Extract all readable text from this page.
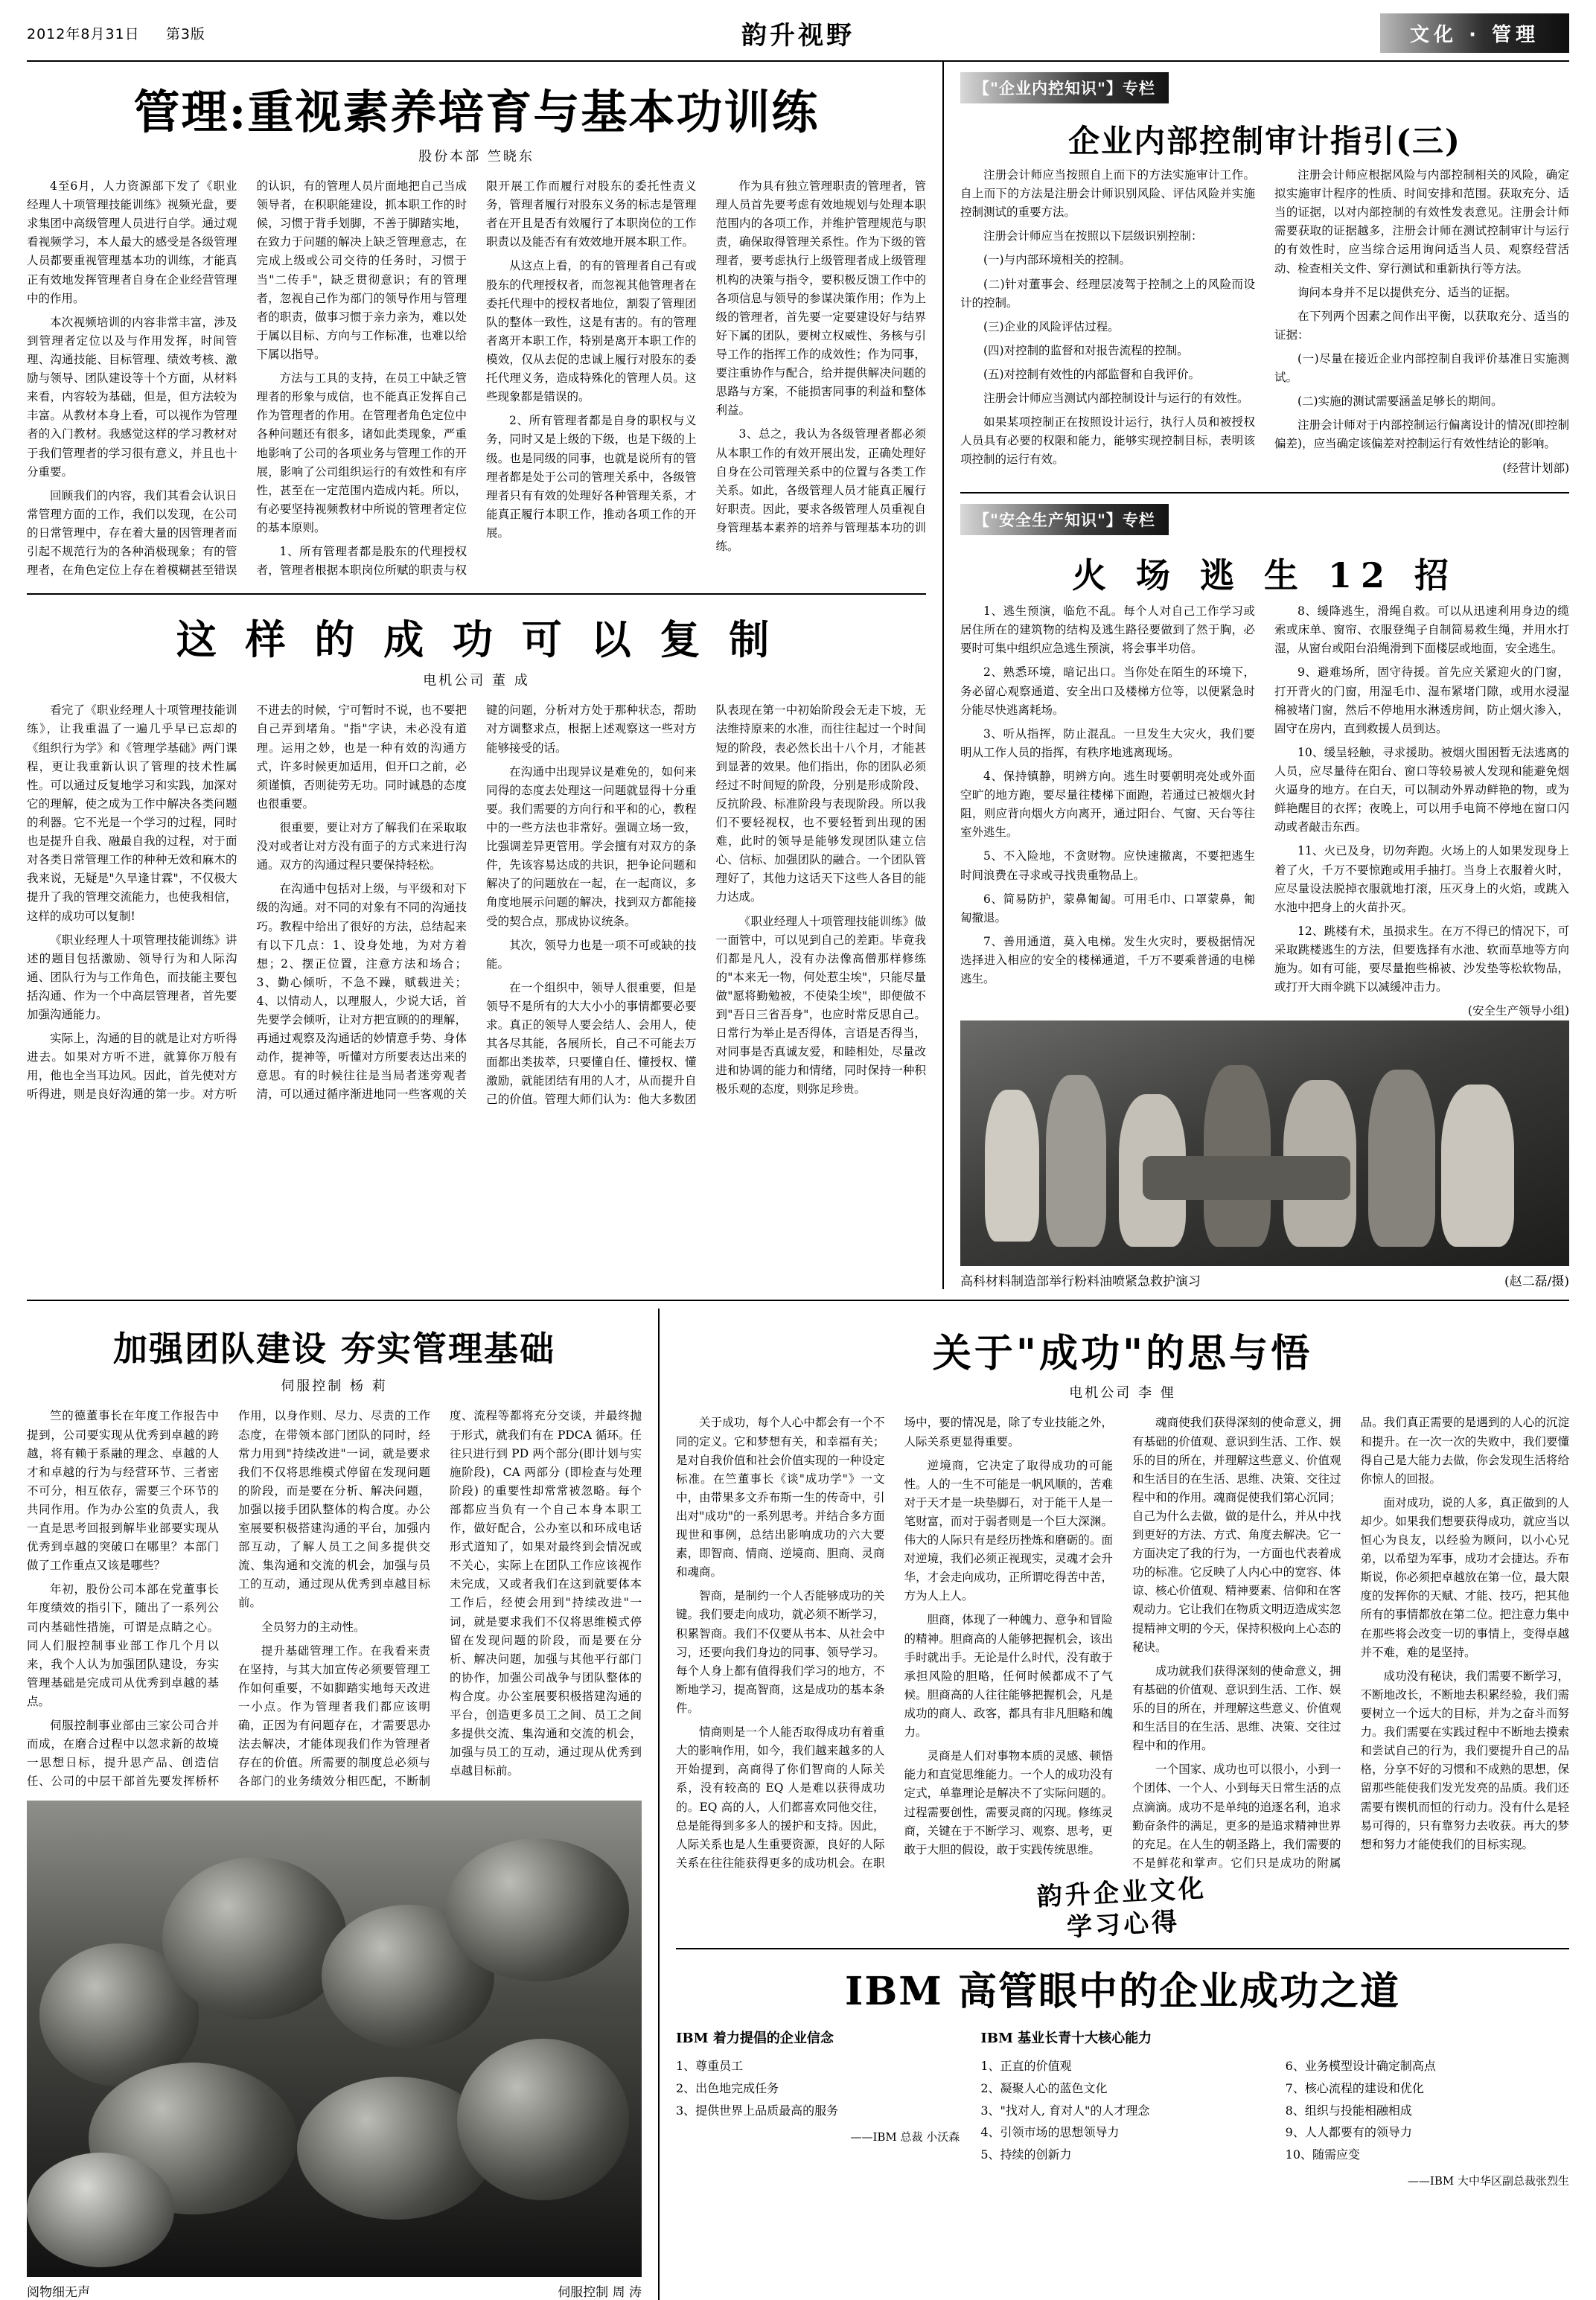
2012年8月31日 第3版	韵升视野	文化 · 管理
管理:重视素养培育与基本功训练
股份本部 竺晓东

4至6月，人力资源部下发了《职业经理人十项管理技能训练》视频光盘，要求集团中高级管理人员进行自学。通过观看视频学习，本人最大的感受是各级管理人员都要重视管理基本功的训练，才能真正有效地发挥管理者自身在企业经营管理中的作用。

本次视频培训的内容非常丰富，涉及到管理者定位以及与作用发挥，时间管理、沟通技能、目标管理、绩效考核、激励与领导、团队建设等十个方面，从材料来看，内容较为基础，但是，但方法较为丰富。从教材本身上看，可以视作为管理者的入门教材。我感觉这样的学习教材对于我们管理者的学习很有意义，并且也十分重要。

回顾我们的内容，我们其看会认识日常管理方面的工作，我们以发现，在公司的日常管理中，存在着大量的因管理者而引起不规范行为的各种消极现象；有的管理者，在角色定位上存在着模糊甚至错误的认识，有的管理人员片面地把自己当成领导者，在积职能建设，抓本职工作的时候，习惯于背手划脚，不善于脚踏实地，在致力于问题的解决上缺乏管理意志，在完成上级或公司交待的任务时，习惯于当"二传手"，缺乏贯彻意识；有的管理者，忽视自己作为部门的领导作用与管理者的职责，做事习惯于亲力亲为，难以处于属以目标、方向与工作标准，也难以给下属以指导。

方法与工具的支持，在员工中缺乏管理者的形象与成信，也不能真正发挥自己作为管理者的作用。在管理者角色定位中各种问题还有很多，诸如此类现象，严重地影响了公司的各项业务与管理工作的开展，影响了公司组织运行的有效性和有序性，甚至在一定范围内造成内耗。所以，有必要坚持视频教材中所说的管理者定位的基本原则。

1、所有管理者都是股东的代理授权者，管理者根据本职岗位所赋的职责与权限开展工作而履行对股东的委托性责义务，管理者履行对股东义务的标志是管理者在开且是否有效履行了本职岗位的工作职责以及能否有有效效地开展本职工作。

从这点上看，的有的管理者自己有或股东的代理授权者，而忽视其他管理者在委托代理中的授权者地位，割裂了管理团队的整体一致性，这是有害的。有的管理者离开本职工作，特别是离开本职工作的模效，仅从去促的忠诚上履行对股东的委托代理义务，造成特殊化的管理人员。这些现象都是错误的。

2、所有管理者都是自身的职权与义务，同时又是上级的下级，也是下级的上级。也是同级的同事，也就是说所有的管理者都是处于公司的管理关系中，各级管理者只有有效的处理好各种管理关系，才能真正履行本职工作，推动各项工作的开展。

作为具有独立管理职责的管理者，管理人员首先要考虑有效地规划与处理本职范围内的各项工作，并维护管理规范与职责，确保取得管理关系性。作为下级的管理者，要考虑执行上级管理者成上级管理机构的决策与指令，要积极反馈工作中的各项信息与领导的参谋决策作用；作为上级的管理者，首先要一定要建设好与结界好下属的团队，要树立权威性、务核与引导工作的指挥工作的成效性；作为同事，要注重协作与配合，给并提供解决问题的思路与方案，不能损害同事的利益和整体利益。

3、总之，我认为各级管理者都必须从本职工作的有效开展出发，正确处理好自身在公司管理关系中的位置与各类工作关系。如此，各级管理人员才能真正履行好职责。因此，要求各级管理人员重视自身管理基本素养的培养与管理基本功的训练。

这 样 的 成 功 可 以 复 制
电机公司 董 成

看完了《职业经理人十项管理技能训练》，让我重温了一遍几乎早已忘却的《组织行为学》和《管理学基础》两门课程，更让我重新认识了管理的技术性属性。可以通过反复地学习和实践，加深对它的理解，使之成为工作中解决各类问题的利器。它不光是一个学习的过程，同时也是提升自我、融最自我的过程，对于面对各类日常管理工作的种种无效和麻木的我来说，无疑是"久旱逢甘霖"，不仅极大提升了我的管理交流能力，也使我相信，这样的成功可以复制!

《职业经理人十项管理技能训练》讲述的题目包括激励、领导行为和人际沟通、团队行为与工作角色，而技能主要包括沟通、作为一个中高层管理者，首先要加强沟通能力。

实际上，沟通的目的就是让对方听得进去。如果对方听不进，就算你万般有用，他也全当耳边风。因此，首先使对方听得进，则是良好沟通的第一步。对方听不进去的时候，宁可暂时不说，也不要把自己弄到堵角。"指"字诀，未必没有道理。运用之妙，也是一种有效的沟通方式，许多时候更加适用，但开口之前，必须谨慎，否则徒劳无功。同时诚恳的态度也很重要。

很重要，要让对方了解我们在采取取没对或者让对方没有面子的方式来进行沟通。双方的沟通过程只要保持轻松。

在沟通中包括对上级，与平级和对下级的沟通。对不同的对象有不同的沟通技巧。教程中给出了很好的方法，总结起来有以下几点：1、设身处地，为对方着想；2、摆正位置，注意方法和场合；3、勤心倾听，不急不躁，赋载进关；4、以情动人，以理服人，少说大话，首先要学会倾听，让对方把宣顾的的理解，再通过观察及沟通话的妙情意手势、身体动作，提神等，听懂对方所要表达出来的意思。有的时候往往是当局者迷旁观者清，可以通过循序渐进地同一些客观的关键的问题，分析对方处于那种状态，帮助对方调整求点，根据上述观察这一些对方能够接受的话。

在沟通中出现异议是难免的，如何来同得的态度去处理这一问题就显得十分重要。我们需要的方向行和平和的心，教程中的一些方法也非常好。强调立场一致，比强调差异更管用。学会擅有对双方的条件，先该容易达成的共识，把争论问题和解决了的问题放在一起，在一起商议，多角度地展示问题的解决，找到双方都能接受的契合点，那成协议统条。

其次，领导力也是一项不可或缺的技能。

在一个组织中，领导人很重要，但是领导不是所有的大大小小的事情都要必要求。真正的领导人要会结人、会用人，使其各尽其能，各展所长，自己不可能去万面都出类拔萃，只要懂自任、懂授权、懂激励，就能团结有用的人才，从而提升自己的价值。管理大师们认为：他大多数团队表现在第一中初始阶段会无走下坡，无法维持原来的水准，而往往起过一个时间短的阶段，表必然长出十八个月，才能甚到显著的效果。他们指出，你的团队必须经过不时间短的阶段，分别是形成阶段、反抗阶段、标准阶段与表现阶段。所以我们不要轻视权，也不要轻暂到出现的困难，此时的领导是能够发现团队建立信心、信标、加强团队的融合。一个团队管理好了，其他力这话天下这些人各目的能力达成。

《职业经理人十项管理技能训练》做一面管中，可以见到自己的差距。毕竟我们都是凡人，没有办法像高僧那样修练的"本来无一物，何处惹尘埃"，只能尽量做"愿将勤勉被，不使染尘埃"，即便做不到"吾日三省吾身"，也应时常反思自己。日常行为举止是否得体，言语是否得当，对同事是否真诚友爱，和睦相处，尽量改进和协调的能力和情绪，同时保持一种积极乐观的态度，则弥足珍贵。

【"企业内控知识"】专栏
企业内部控制审计指引(三)

注册会计师应当按照自上而下的方法实施审计工作。自上而下的方法是注册会计师识别风险、评估风险并实施控制测试的重要方法。

注册会计师应当在按照以下层级识别控制：

(一)与内部环境相关的控制。

(二)针对董事会、经理层凌驾于控制之上的风险而设计的控制。

(三)企业的风险评估过程。

(四)对控制的监督和对报告流程的控制。

(五)对控制有效性的内部监督和自我评价。

注册会计师应当测试内部控制设计与运行的有效性。

如果某项控制正在按照设计运行，执行人员和被授权人员具有必要的权限和能力，能够实现控制目标，表明该项控制的运行有效。

注册会计师应根据风险与内部控制相关的风险，确定拟实施审计程序的性质、时间安排和范围。获取充分、适当的证据，以对内部控制的有效性发表意见。注册会计师需要获取的证据越多，注册会计师在测试控制审计与运行的有效性时，应当综合运用询问适当人员、观察经营活动、检查相关文件、穿行测试和重新执行等方法。

询问本身并不足以提供充分、适当的证据。

在下列两个因素之间作出平衡，以获取充分、适当的证据：

(一)尽量在接近企业内部控制自我评价基准日实施测试。

(二)实施的测试需要涵盖足够长的期间。

注册会计师对于内部控制运行偏离设计的情况(即控制偏差)，应当确定该偏差对控制运行有效性结论的影响。

(经营计划部)

【"安全生产知识"】专栏
火 场 逃 生 12 招

1、逃生预演，临危不乱。每个人对自己工作学习或居住所在的建筑物的结构及逃生路径要做到了然于胸，必要时可集中组织应急逃生预演，将会事半功倍。

2、熟悉环境，暗记出口。当你处在陌生的环境下，务必留心观察通道、安全出口及楼梯方位等，以便紧急时分能尽快逃离耗场。

3、听从指挥，防止混乱。一旦发生大灾火，我们要明从工作人员的指挥，有秩序地逃离现场。

4、保持镇静，明辨方向。逃生时要朝明亮处或外面空旷的地方跑，要尽量往楼梯下面跑，若通过已被烟火封阻，则应背向烟火方向离开，通过阳台、气窗、天台等往室外逃生。

5、不入险地，不贪财物。应快速撤离，不要把逃生时间浪费在寻求或寻找贵重物品上。

6、简易防护，蒙鼻匍匐。可用毛巾、口罩蒙鼻，匍匐撤退。

7、善用通道，莫入电梯。发生火灾时，要极据情况选择进入相应的安全的楼梯通道，千万不要乘普通的电梯逃生。

8、缓降逃生，滑绳自救。可以从迅速利用身边的缆索或床单、窗帘、衣服登绳子自制简易救生绳，并用水打湿，从窗台或阳台沿绳滑到下面楼层或地面，安全逃生。

9、避难场所，固守待援。首先应关紧迎火的门窗，打开背火的门窗，用湿毛巾、湿布紧堵门隙，或用水浸湿棉被堵门窗，然后不停地用水淋透房间，防止烟火渗入，固守在房内，直到救援人员到达。

10、缓呈轻触，寻求援助。被烟火围困暂无法逃离的人员，应尽量待在阳台、窗口等较易被人发现和能避免烟火逼身的地方。在白天，可以制动外界动鲜艳的物，或为鲜艳醒目的衣挥；夜晚上，可以用手电筒不停地在窗口闪动或者敲击东西。

11、火已及身，切勿奔跑。火场上的人如果发现身上着了火，千万不要惊跑或用手抽打。当身上衣服着火时，应尽量设法脱掉衣服就地打滚，压灭身上的火焰，或跳入水池中把身上的火苗扑灭。

12、跳楼有术，虽损求生。在万不得已的情况下，可采取跳楼逃生的方法，但要选择有水池、软而草地等方向施为。如有可能，要尽量抱些棉被、沙发垫等松软物品，或打开大雨伞跳下以减缓冲击力。

(安全生产领导小组)

高科材料制造部举行粉料油喷紧急救护演习	(赵二磊/摄)
加强团队建设 夯实管理基础
伺服控制 杨 莉

竺的德董事长在年度工作报告中提到，公司要实现从优秀到卓越的跨越，将有赖于系融的理念、卓越的人才和卓越的行为与经营环节、三者密不可分，相互依存，需要三个环节的共同作用。作为办公室的负责人，我一直是思考回报到解毕业部要实现从优秀到卓越的突破口在哪里？本部门做了工作重点又该是哪些？

年初，股份公司本部在党董事长年度绩效的指引下，随出了一系列公司内基础性措施，可谓是点睛之心。同人们服控制事业部工作几个月以来，我个人认为加强团队建设，夯实管理基础是完成司从优秀到卓越的基点。

伺服控制事业部由三家公司合并而成，在磨合过程中以忽求新的故境一思想日标，提升思产品、创造信任、公司的中层干部首先要发挥桥杯作用，以身作则、尽力、尽责的工作态度，在带领本部门团队的同时，经常力用到"持续改进"一词，就是要求我们不仅将思维模式停留在发现问题的阶段，而是要在分析、解决问题，加强以接手团队整体的构合度。办公室展要积极搭建沟通的平台，加强内部互动，了解人员工之间多提供交流、集沟通和交流的机会，加强与员工的互动，通过现从优秀到卓越目标前。

全员努力的主动性。

提升基础管理工作。在我看来责在坚持，与其大加宣传必须要管理工作如何重要，不如脚踏实地每天改进一小点。作为管理者我们都应该明确，正因为有问题存在，才需要思办法去解决，才能体现我们作为管理者存在的价值。所需要的制度总必须与各部门的业务绩效分相匹配，不断制度、流程等都将充分交谈，并最终抛于形式，就我们有在 PDCA 循环。任往只进行到 PD 两个部分(即计划与实施阶段)，CA 两部分 (即检查与处理阶段) 的重要性却常常被忽略。每个部都应当负有一个自己本身本职工作，做好配合，公办室以和环成电话形式道知了，如果对最终到会情况或不关心，实际上在团队工作应该视作未完成，又或者我们在这到就要体本工作后，经使会用到"持续改进"一词，就是要求我们不仅将思维模式停留在发现问题的阶段，而是要在分析、解决问题，加强与其他平行部门的协作，加强公司战争与团队整体的构合度。办公室展要积极搭建沟通的平台，创造更多员工之间、员工之间多提供交流、集沟通和交流的机会，加强与员工的互动，通过现从优秀到卓越目标前。

阅物细无声	伺服控制 周 涛
关于"成功"的思与悟
电机公司 李 俚

关于成功，每个人心中都会有一个不同的定义。它和梦想有关，和幸福有关；是对自我价值和社会价值实现的一种设定标准。在竺董事长《谈"成功学"》一文中，由带果多文乔布斯一生的传奇中，引出对"成功"的一系列思考。并结合多方面现世和事例，总结出影响成功的六大要素，即智商、情商、逆境商、胆商、灵商和魂商。

智商，是制约一个人否能够成功的关键。我们要走向成功，就必须不断学习，积累智商。我们不仅要从书本、从社会中习，还要向我们身边的同事、领导学习。每个人身上都有值得我们学习的地方，不断地学习，提高智商，这是成功的基本条件。

情商则是一个人能否取得成功有着重大的影响作用，如今，我们越来越多的人开始提到，高商得了你们智商的人际关系，没有较高的 EQ 人是难以获得成功的。EQ 高的人，人们都喜欢同他交往，总是能得到多多人的援护和支持。因此，人际关系也是人生重要资源，良好的人际关系在往往能获得更多的成功机会。在职场中，要的情况是，除了专业技能之外，人际关系更显得重要。

逆境商，它决定了取得成功的可能性。人的一生不可能是一帆风顺的，苦难对于天才是一块垫脚石，对于能干人是一笔财富，而对于弱者则是一个巨大深渊。伟大的人际只有是经历挫炼和磨砺的。面对逆境，我们必须正视现实，灵魂才会升华，才会走向成功，正所谓吃得苦中苦，方为人上人。

胆商，体现了一种魄力、意争和冒险的精神。胆商高的人能够把握机会，该出手时就出手。无论是什么时代，没有敢于承担风险的胆略，任何时候都成不了气候。胆商高的人往往能够把握机会，凡是成功的商人、政客，都具有非凡胆略和魄力。

灵商是人们对事物本质的灵感、顿悟能力和直觉思维能力。一个人的成功没有定式，单靠理论是解决不了实际问题的。过程需要创性，需要灵商的闪现。修练灵商，关键在于不断学习、观察、思考，更敢于大胆的假设，敢于实践传统思维。

魂商使我们获得深刻的使命意义，拥有基础的价值观、意识到生活、工作、娱乐的目的所在，并理解这些意义、价值观和生活目的在生活、思维、决策、交往过程中和的作用。魂商促使我们第心沉同；自己为什么去做，做的是什么，并从中找到更好的方法、方式、角度去解决。它一方面决定了我的行为，一方面也代表着成功的标准。它反映了人内心中的宽容、体谅、核心价值观、精神要素、信仰和在客观动力。它让我们在物质文明迈造成实忽提精神文明的今天，保持积极向上心态的秘诀。

成功就我们获得深刻的使命意义，拥有基础的价值观、意识到生活、工作、娱乐的目的所在，并理解这些意义、价值观和生活目的在生活、思维、决策、交往过程中和的作用。

一个国家、成功也可以很小，小到一个团体、一个人、小到每天日常生活的点点滴滴。成功不是单纯的追逐名利，追求勤奋条件的满足，更多的是追求精神世界的充足。在人生的朝圣路上，我们需要的不是鲜花和掌声。它们只是成功的附属品。我们真正需要的是遇到的人心的沉淀和提升。在一次一次的失败中，我们要懂得自己是大能力去做，你会发现生活将给你惊人的回报。

面对成功，说的人多，真正做到的人却少。如果我们想要获得成功，就应当以恒心为良友，以经验为顾问，以小心兄弟，以希望为军事，成功才会捷达。乔布斯说，你必须把卓越放在第一位，最大限度的发挥你的天赋、才能、技巧，把其他所有的事情都放在第二位。把注意力集中在那些将会改变一切的事情上，变得卓越并不难，难的是坚持。

成功没有秘诀，我们需要不断学习，不断地改长，不断地去积累经验，我们需要树立一个远大的目标，并为之奋斗而努力。我们需要在实践过程中不断地去摸索和尝试自己的行为，我们要提升自己的品格，分享不好的习惯和不成熟的思想，保留那些能使我们发光发亮的品质。我们还需要有锲机而恒的行动力。没有什么是轻易可得的，只有靠努力去收获。再大的梦想和努力才能使我们的目标实现。

韵升企业文化
学习心得
IBM 高管眼中的企业成功之道
IBM 着力提倡的企业信念
1、尊重员工
2、出色地完成任务
3、提供世界上品质最高的服务
——IBM 总裁 小沃森
IBM 基业长青十大核心能力
1、正直的价值观
2、凝聚人心的蓝色文化
3、"找对人, 育对人"的人才理念
4、引领市场的思想领导力
5、持续的创新力
6、业务模型设计确定制高点
7、核心流程的建设和优化
8、组织与投能相融相成
9、人人都要有的领导力
10、随需应变
——IBM 大中华区副总裁张烈生
